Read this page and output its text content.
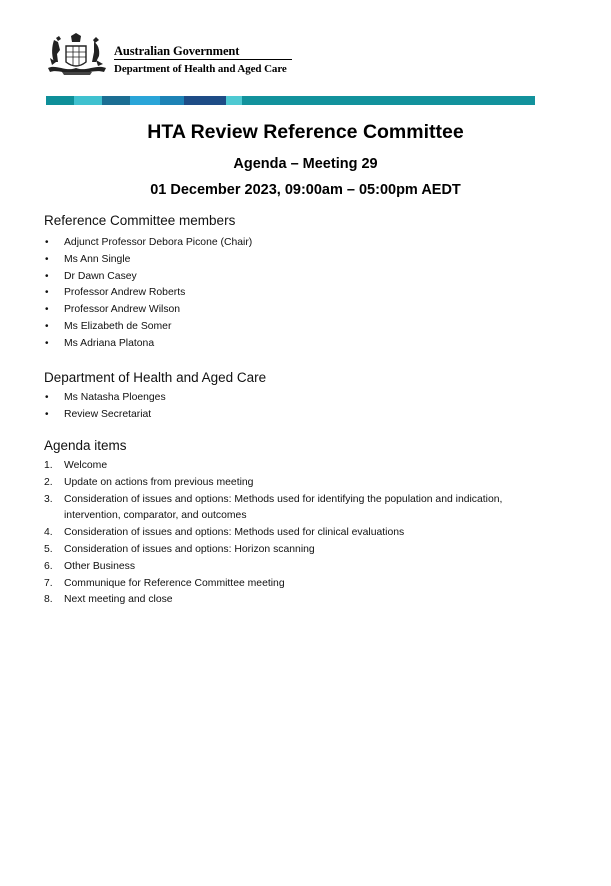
Australian Government
Department of Health and Aged Care
HTA Review Reference Committee
Agenda – Meeting 29
01 December 2023, 09:00am – 05:00pm AEDT
Reference Committee members
• Adjunct Professor Debora Picone (Chair)
• Ms Ann Single
• Dr Dawn Casey
• Professor Andrew Roberts
• Professor Andrew Wilson
• Ms Elizabeth de Somer
• Ms Adriana Platona
Department of Health and Aged Care
• Ms Natasha Ploenges
• Review Secretariat
Agenda items
1. Welcome
2. Update on actions from previous meeting
3. Consideration of issues and options: Methods used for identifying the population and indication, intervention, comparator, and outcomes
4. Consideration of issues and options: Methods used for clinical evaluations
5. Consideration of issues and options: Horizon scanning
6. Other Business
7. Communique for Reference Committee meeting
8. Next meeting and close
